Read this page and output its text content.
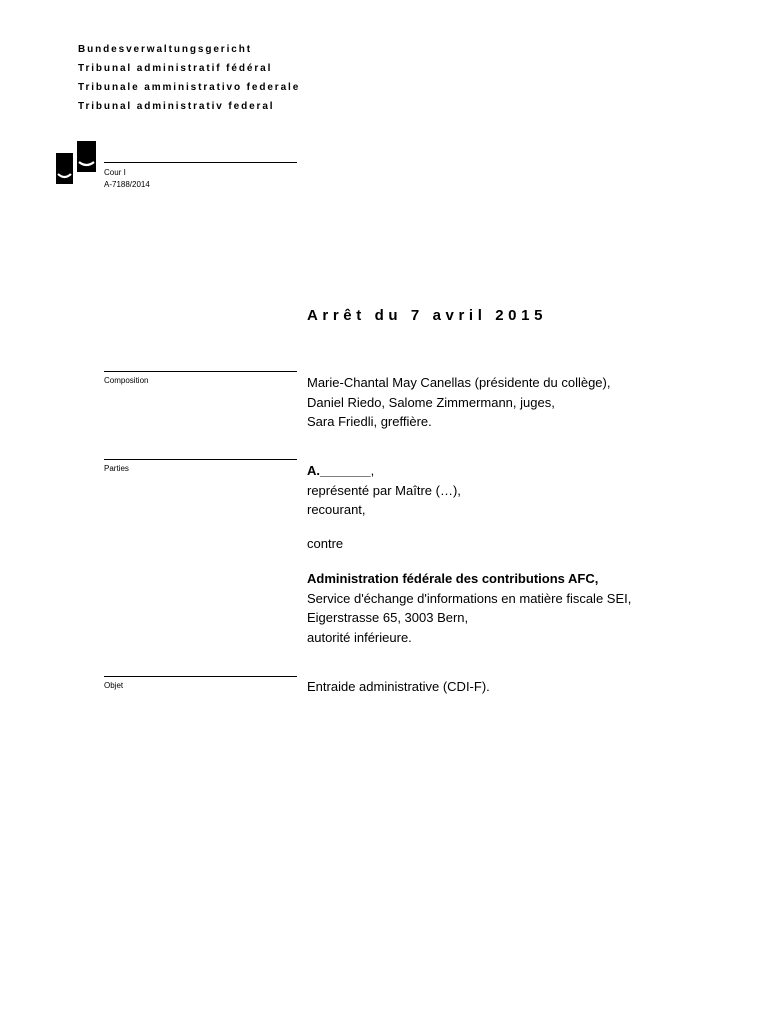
Bundesverwaltungsgericht
Tribunal administratif fédéral
Tribunale amministrativo federale
Tribunal administrativ federal
Cour I
A-7188/2014
Arrêt du 7 avril 2015
Composition	Marie-Chantal May Canellas (présidente du collège),
Daniel Riedo, Salome Zimmermann, juges,
Sara Friedli, greffière.
Parties	A._______,
représenté par Maître (…),
recourant,
contre
Administration fédérale des contributions AFC,
Service d'échange d'informations en matière fiscale SEI,
Eigerstrasse 65, 3003 Bern,
autorité inférieure.
Objet	Entraide administrative (CDI-F).
